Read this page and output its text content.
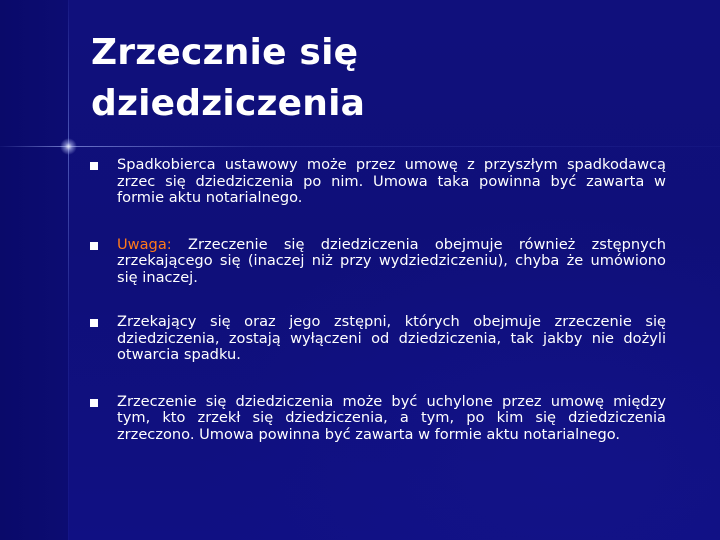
Zrzecznie się
dziedziczenia
Spadkobierca ustawowy może przez umowę z przyszłym spadkodawcą zrzec się dziedziczenia po nim. Umowa taka powinna być zawarta w formie aktu notarialnego.
Uwaga: Zrzeczenie się dziedziczenia obejmuje również zstępnych zrzekającego się (inaczej niż przy wydziedziczeniu), chyba że umówiono się inaczej.
Zrzekający się oraz jego zstępni, których obejmuje zrzeczenie się dziedziczenia, zostają wyłączeni od dziedziczenia, tak jakby nie dożyli otwarcia spadku.
Zrzeczenie się dziedziczenia może być uchylone przez umowę między tym, kto zrzekł się dziedziczenia, a tym, po kim się dziedziczenia zrzeczono. Umowa powinna być zawarta w formie aktu notarialnego.
